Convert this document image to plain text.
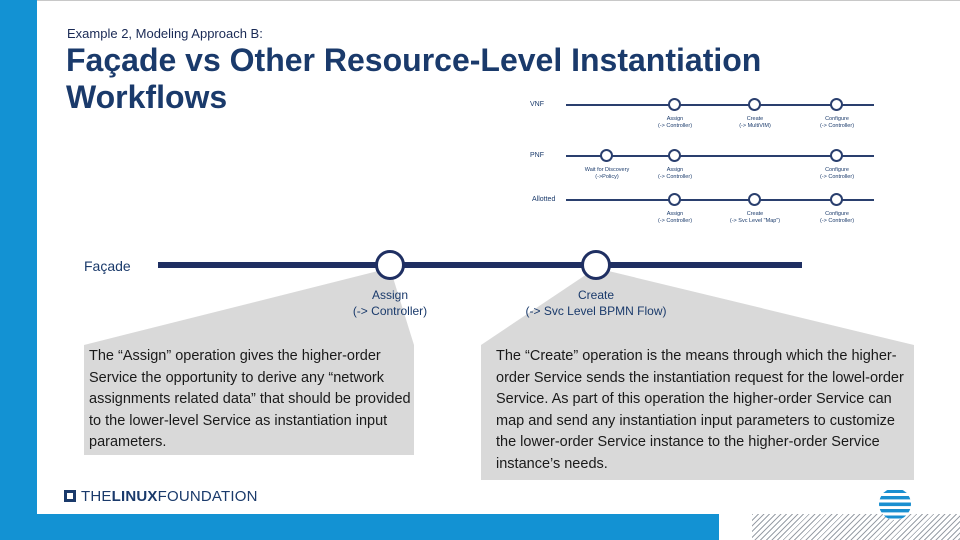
Example 2, Modeling Approach B:
Façade vs Other Resource-Level Instantiation Workflows	VNF
Assign
(-> Controller)
Create
(-> MultiVIM)
Configure
(-> Controller)
PNF
Wait for Discovery
(->Policy)
Assign
(-> Controller)
Configure
(-> Controller)
Allotted
Assign
(-> Controller)
Create
(-> Svc Level "Map")
Configure
(-> Controller)
Façade
Assign
(-> Controller)
Create
(-> Svc Level BPMN Flow)
The “Assign” operation gives the higher-order Service the opportunity to derive any “network assignments related data” that should be provided to the lower-level Service as instantiation input parameters.
The “Create” operation is the means through which the higher-order Service sends the instantiation request for the lowel-order Service. As part of this operation the higher-order Service can map and send any instantiation input parameters to customize the lower-order Service instance to the higher-order Service instance’s needs.
THELINUXFOUNDATION
